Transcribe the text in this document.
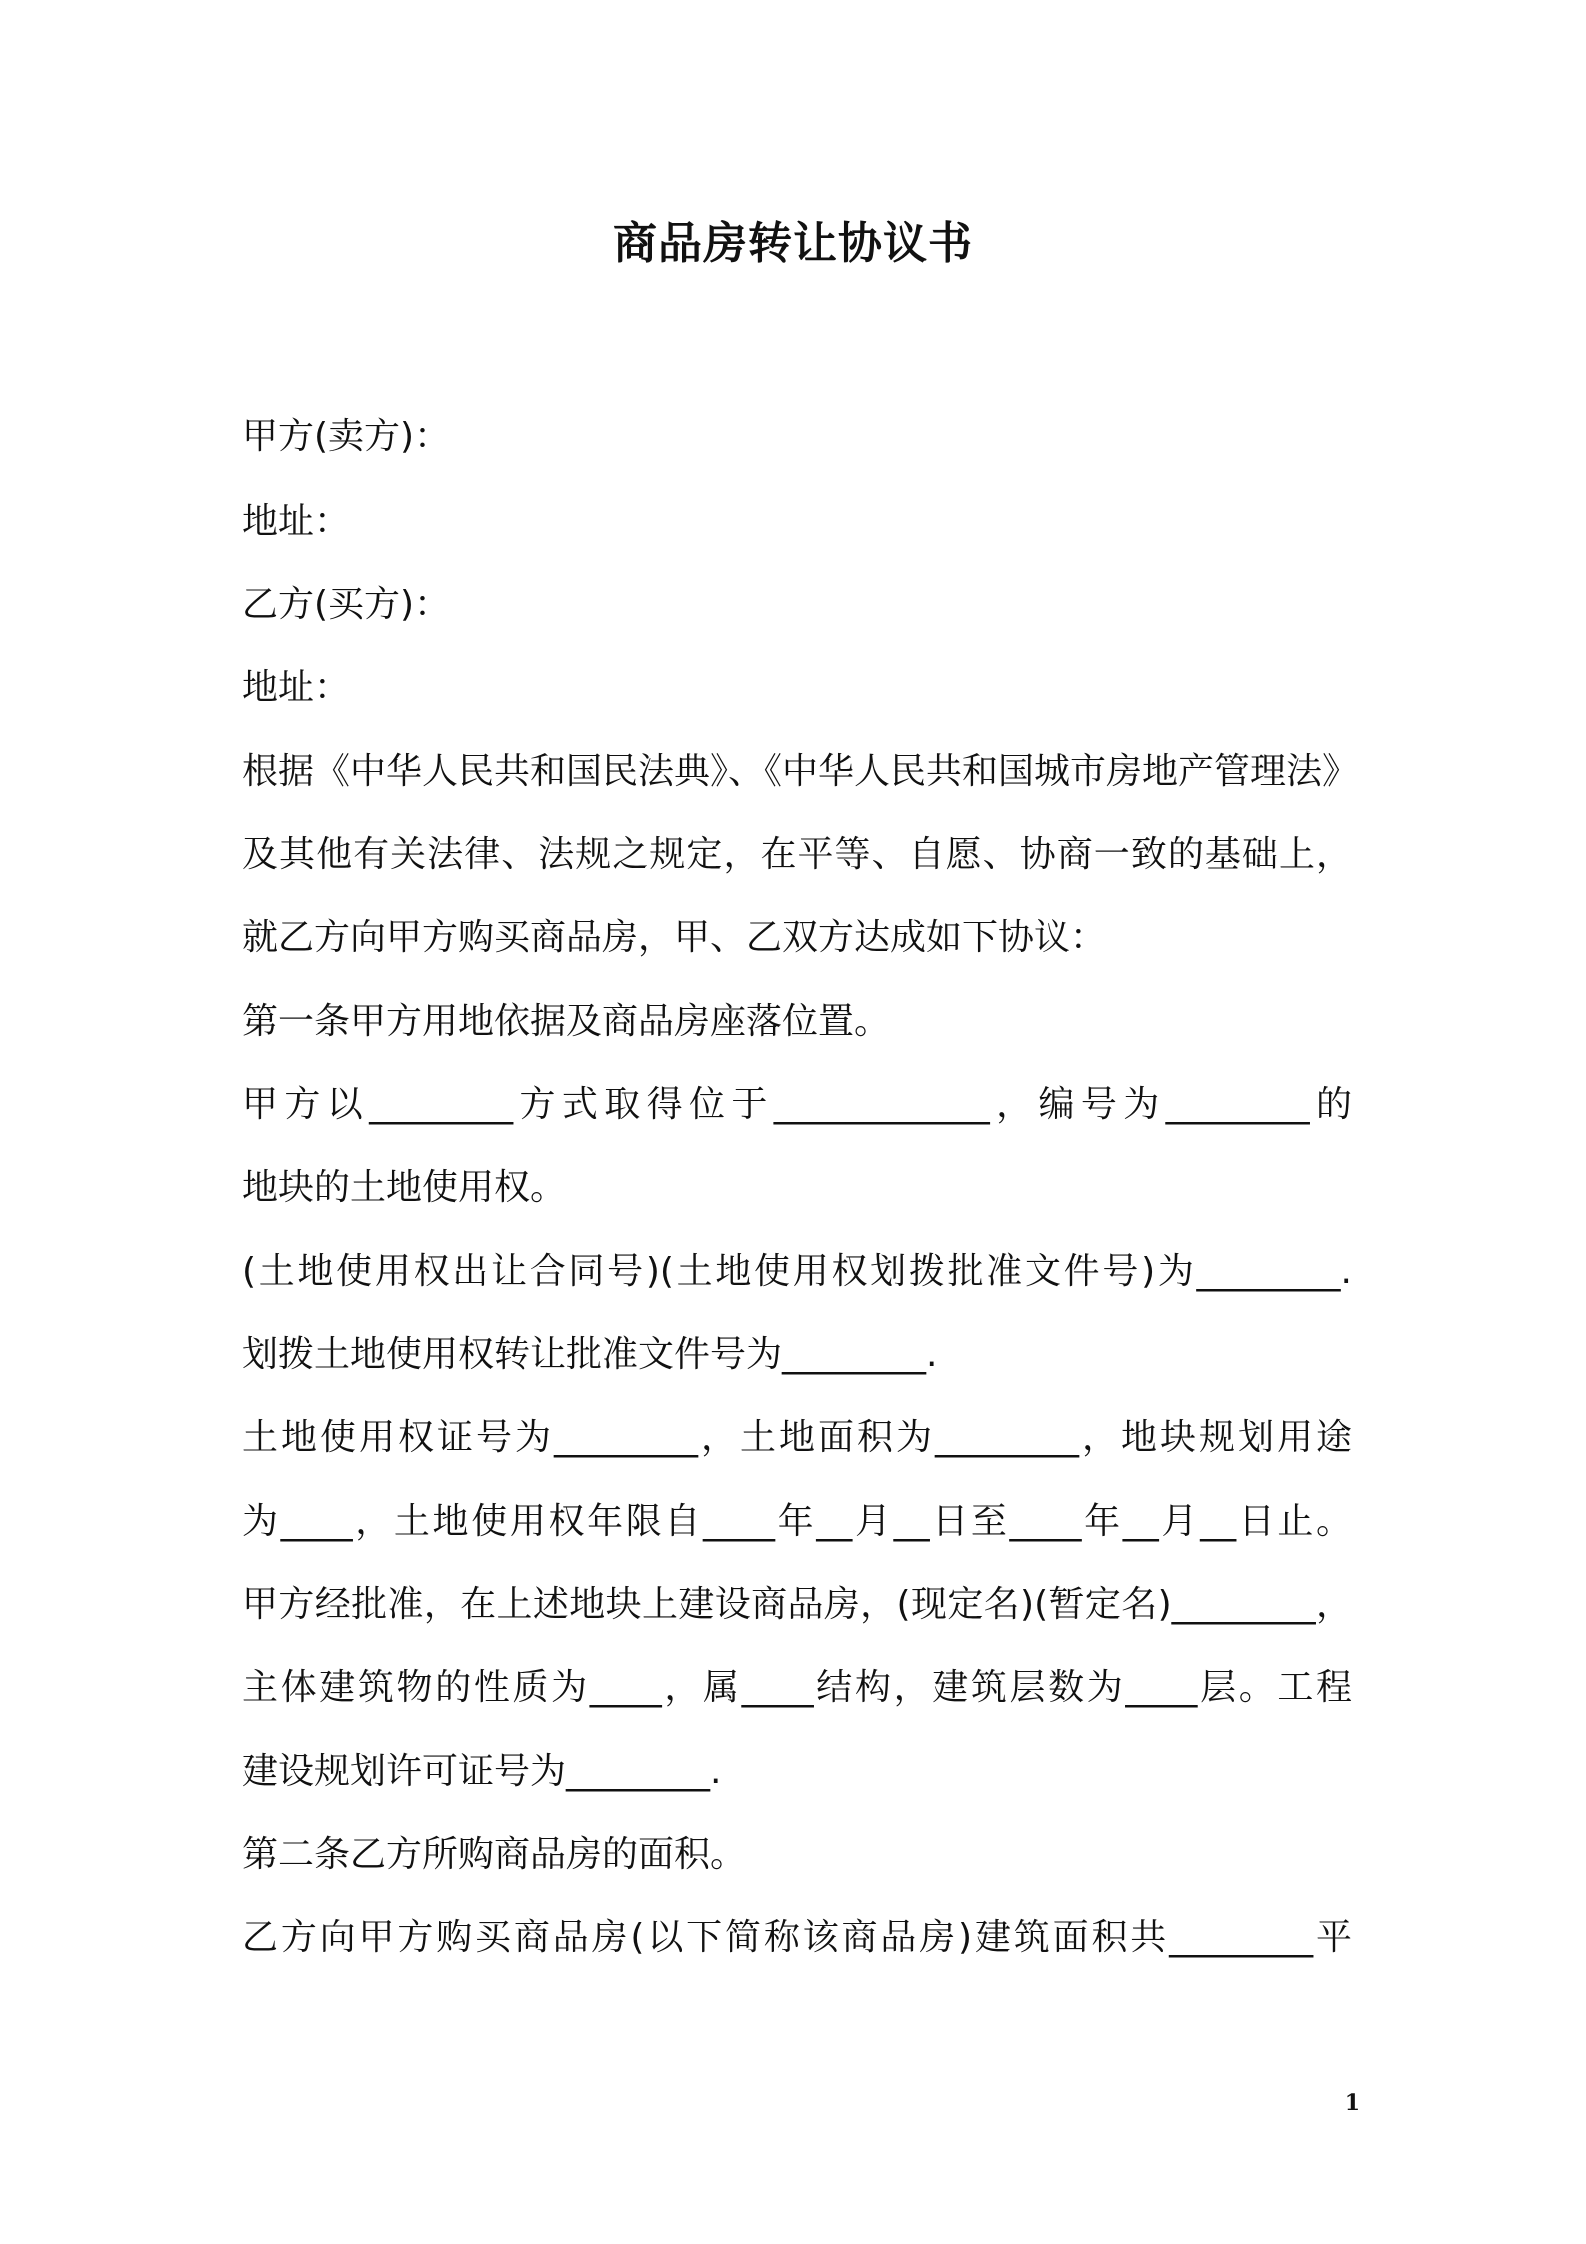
商品房转让协议书
甲方(卖方)：
地址：
乙方(买方)：
地址：
根据《中华人民共和国民法典》、《中华人民共和国城市房地产管理法》
及其他有关法律、法规之规定，在平等、自愿、协商一致的基础上，
就乙方向甲方购买商品房，甲、乙双方达成如下协议：
第一条甲方用地依据及商品房座落位置。
甲方以________方式取得位于____________，编号为________的
地块的土地使用权。
(土地使用权出让合同号)(土地使用权划拨批准文件号)为________.
划拨土地使用权转让批准文件号为________.
土地使用权证号为________，土地面积为________，地块规划用途
为____，土地使用权年限自____年__月__日至____年__月__日止。
甲方经批准，在上述地块上建设商品房，(现定名)(暂定名)________，
主体建筑物的性质为____，属____结构，建筑层数为____层。工程
建设规划许可证号为________.
第二条乙方所购商品房的面积。
乙方向甲方购买商品房(以下简称该商品房)建筑面积共________平
1
